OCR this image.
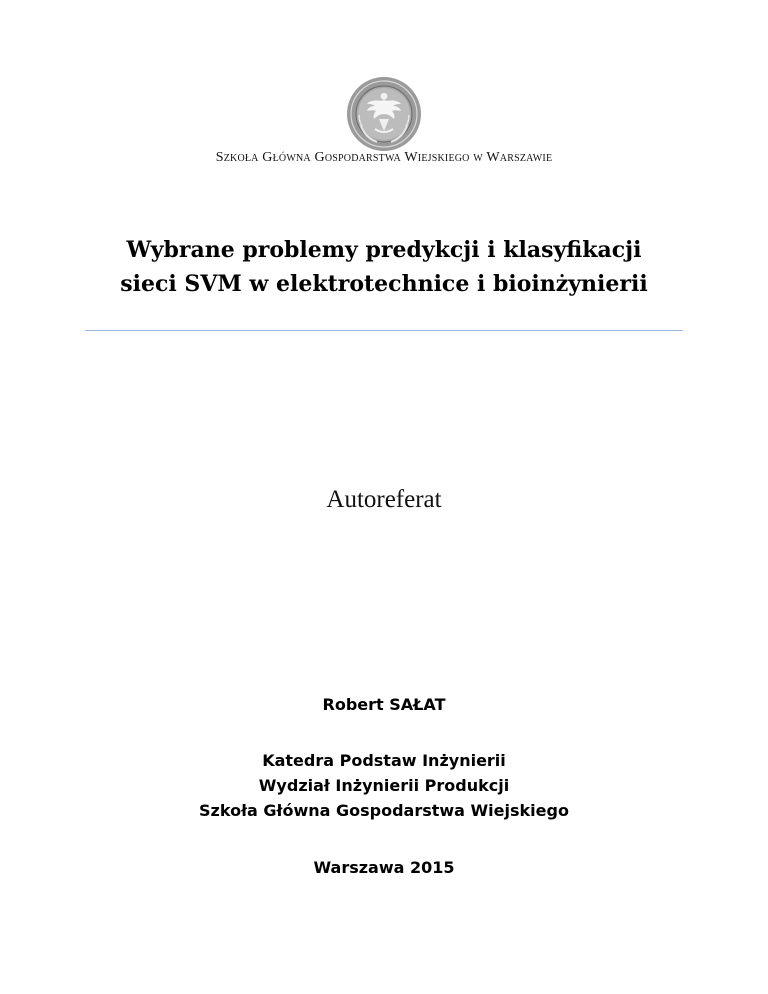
Szkoła Główna Gospodarstwa Wiejskiego w Warszawie
Wybrane problemy predykcji i klasyfikacji
sieci SVM w elektrotechnice i bioinżynierii
Autoreferat
Robert SAŁAT
Katedra Podstaw Inżynierii
Wydział Inżynierii Produkcji
Szkoła Główna Gospodarstwa Wiejskiego
Warszawa 2015
